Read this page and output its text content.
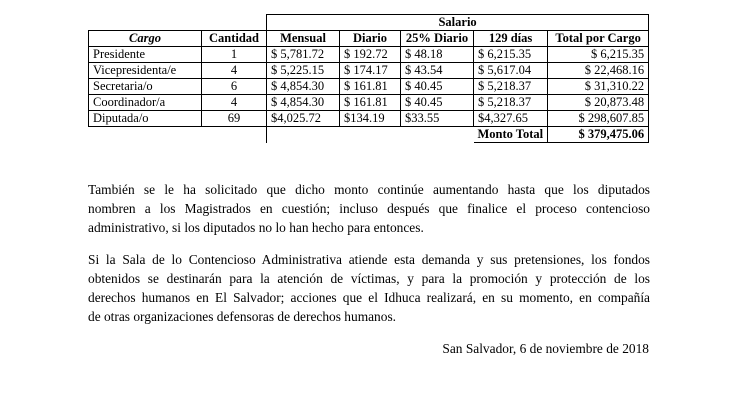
		Salario				
Cargo	Cantidad	Mensual	Diario	25% Diario	129 días	Total por Cargo
Presidente	1	$ 5,781.72	$ 192.72	$ 48.18	$ 6,215.35	$ 6,215.35
Vicepresidenta/e	4	$ 5,225.15	$ 174.17	$ 43.54	$ 5,617.04	$ 22,468.16
Secretaria/o	6	$ 4,854.30	$ 161.81	$ 40.45	$ 5,218.37	$ 31,310.22
Coordinador/a	4	$ 4,854.30	$ 161.81	$ 40.45	$ 5,218.37	$ 20,873.48
Diputada/o	69	$4,025.72	$134.19	$33.55	$4,327.65	$ 298,607.85
					Monto Total	$ 379,475.06
También se le ha solicitado que dicho monto continúe aumentando hasta que los diputados
nombren a los Magistrados en cuestión; incluso después que finalice el proceso contencioso
administrativo, si los diputados no lo han hecho para entonces.
Si la Sala de lo Contencioso Administrativa atiende esta demanda y sus pretensiones, los fondos
obtenidos se destinarán para la atención de víctimas, y para la promoción y protección de los
derechos humanos en El Salvador; acciones que el Idhuca realizará, en su momento, en compañía
de otras organizaciones defensoras de derechos humanos.
San Salvador, 6 de noviembre de 2018
